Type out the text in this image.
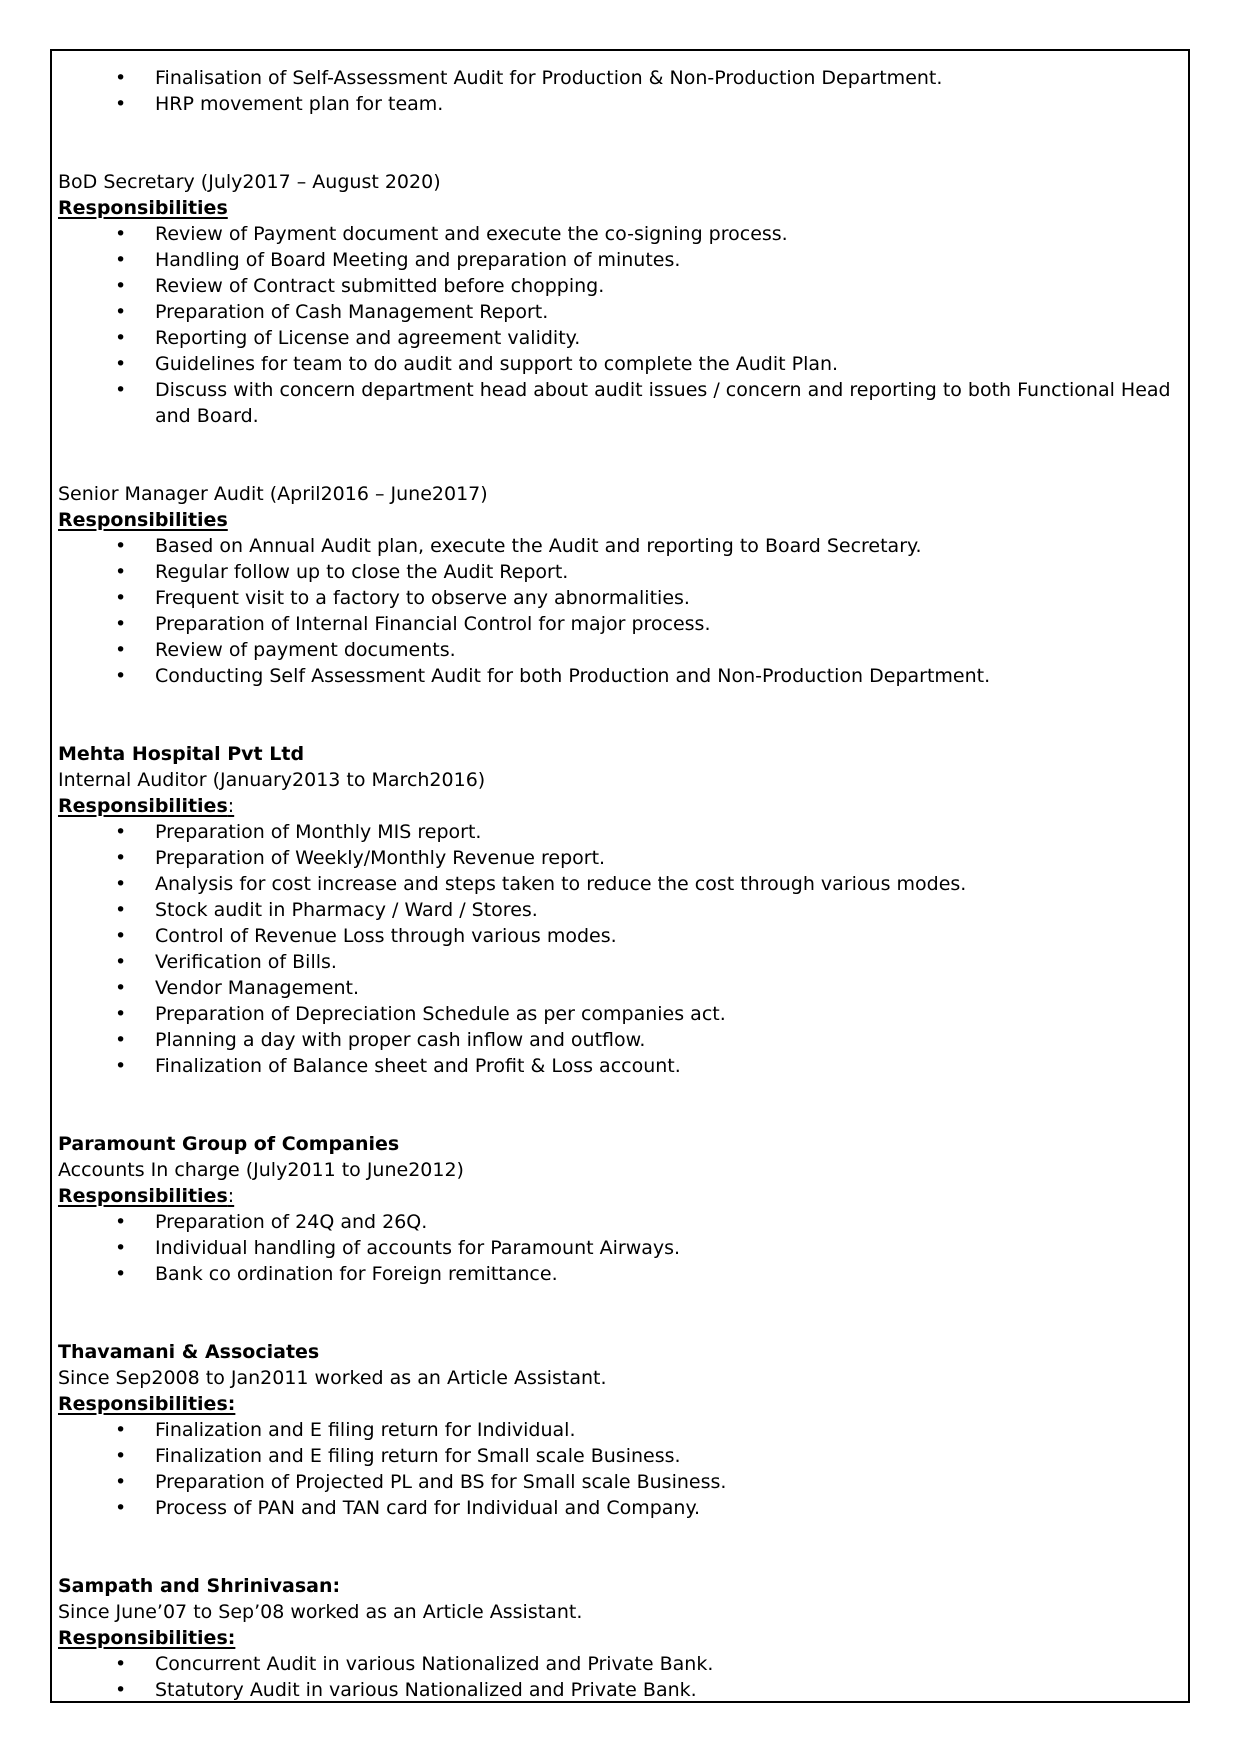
•	Finalisation of Self-Assessment Audit for Production & Non-Production Department.
•	HRP movement plan for team.
BoD Secretary (July2017 – August 2020)
Responsibilities
•	Review of Payment document and execute the co-signing process.
•	Handling of Board Meeting and preparation of minutes.
•	Review of Contract submitted before chopping.
•	Preparation of Cash Management Report.
•	Reporting of License and agreement validity.
•	Guidelines for team to do audit and support to complete the Audit Plan.
•	Discuss with concern department head about audit issues / concern and reporting to both Functional Head and Board.
Senior Manager Audit (April2016 – June2017)
Responsibilities
•	Based on Annual Audit plan, execute the Audit and reporting to Board Secretary.
•	Regular follow up to close the Audit Report.
•	Frequent visit to a factory to observe any abnormalities.
•	Preparation of Internal Financial Control for major process.
•	Review of payment documents.
•	Conducting Self Assessment Audit for both Production and Non-Production Department.
Mehta Hospital Pvt Ltd
Internal Auditor (January2013 to March2016)
Responsibilities:
•	Preparation of Monthly MIS report.
•	Preparation of Weekly/Monthly Revenue report.
•	Analysis for cost increase and steps taken to reduce the cost through various modes.
•	Stock audit in Pharmacy / Ward / Stores.
•	Control of Revenue Loss through various modes.
•	Verification of Bills.
•	Vendor Management.
•	Preparation of Depreciation Schedule as per companies act.
•	Planning a day with proper cash inflow and outflow.
•	Finalization of Balance sheet and Profit & Loss account.
Paramount Group of Companies
Accounts In charge (July2011 to June2012)
Responsibilities:
•	Preparation of 24Q and 26Q.
•	Individual handling of accounts for Paramount Airways.
•	Bank co ordination for Foreign remittance.
Thavamani & Associates
Since Sep2008 to Jan2011 worked as an Article Assistant.
Responsibilities:
•	Finalization and E filing return for Individual.
•	Finalization and E filing return for Small scale Business.
•	Preparation of Projected PL and BS for Small scale Business.
•	Process of PAN and TAN card for Individual and Company.
Sampath and Shrinivasan:
Since June’07 to Sep’08 worked as an Article Assistant.
Responsibilities:
•	Concurrent Audit in various Nationalized and Private Bank.
•	Statutory Audit in various Nationalized and Private Bank.
